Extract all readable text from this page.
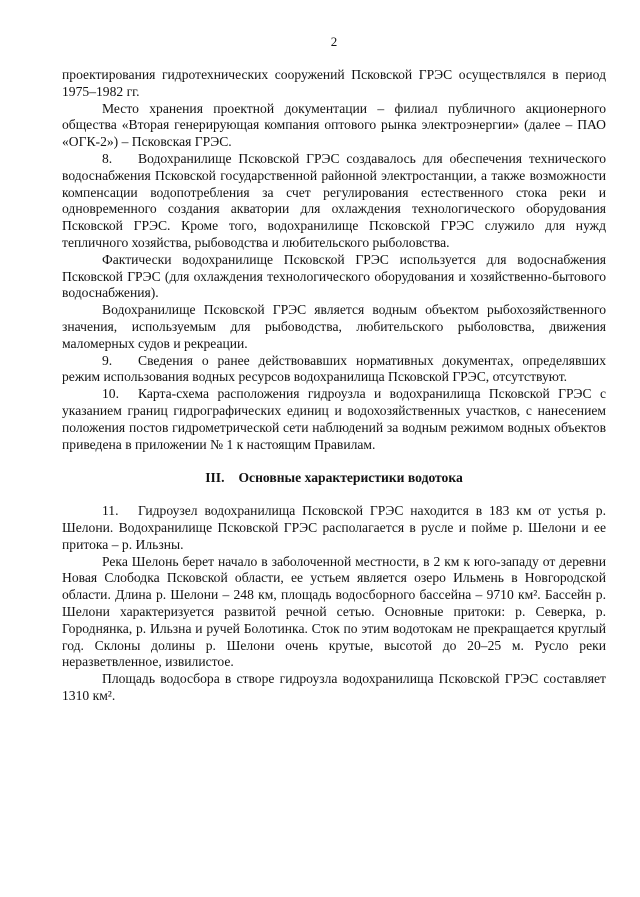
2

проектирования гидротехнических сооружений Псковской ГРЭС осуществлялся в период 1975–1982 гг.

Место хранения проектной документации – филиал публичного акционерного общества «Вторая генерирующая компания оптового рынка электроэнергии» (далее – ПАО «ОГК-2») – Псковская ГРЭС.

8. Водохранилище Псковской ГРЭС создавалось для обеспечения технического водоснабжения Псковской государственной районной электростанции, а также возможности компенсации водопотребления за счет регулирования естественного стока реки и одновременного создания акватории для охлаждения технологического оборудования Псковской ГРЭС. Кроме того, водохранилище Псковской ГРЭС служило для нужд тепличного хозяйства, рыбоводства и любительского рыболовства.

Фактически водохранилище Псковской ГРЭС используется для водоснабжения Псковской ГРЭС (для охлаждения технологического оборудования и хозяйственно-бытового водоснабжения).

Водохранилище Псковской ГРЭС является водным объектом рыбохозяйственного значения, используемым для рыбоводства, любительского рыболовства, движения маломерных судов и рекреации.

9. Сведения о ранее действовавших нормативных документах, определявших режим использования водных ресурсов водохранилища Псковской ГРЭС, отсутствуют.

10. Карта-схема расположения гидроузла и водохранилища Псковской ГРЭС с указанием границ гидрографических единиц и водохозяйственных участков, с нанесением положения постов гидрометрической сети наблюдений за водным режимом водных объектов приведена в приложении № 1 к настоящим Правилам.

III. Основные характеристики водотока

11. Гидроузел водохранилища Псковской ГРЭС находится в 183 км от устья р. Шелони. Водохранилище Псковской ГРЭС располагается в русле и пойме р. Шелони и ее притока – р. Ильзны.

Река Шелонь берет начало в заболоченной местности, в 2 км к юго-западу от деревни Новая Слободка Псковской области, ее устьем является озеро Ильмень в Новгородской области. Длина р. Шелони – 248 км, площадь водосборного бассейна – 9710 км². Бассейн р. Шелони характеризуется развитой речной сетью. Основные притоки: р. Северка, р. Городнянка, р. Ильзна и ручей Болотинка. Сток по этим водотокам не прекращается круглый год. Склоны долины р. Шелони очень крутые, высотой до 20–25 м. Русло реки неразветвленное, извилистое.

Площадь водосбора в створе гидроузла водохранилища Псковской ГРЭС составляет 1310 км².
